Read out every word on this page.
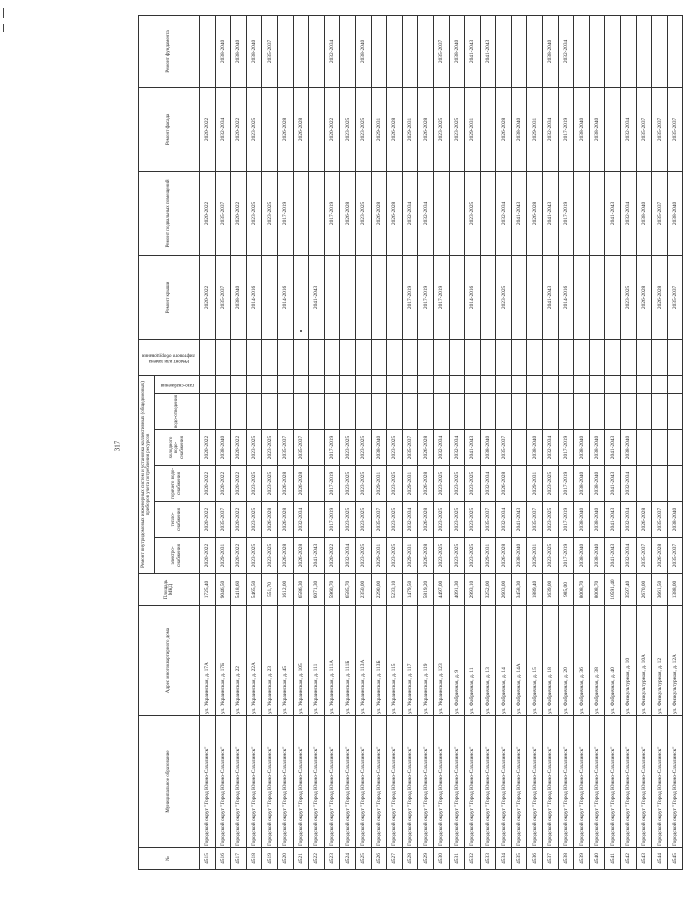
317
№	Муниципальное образование	Адрес многоквартирного дома	Площадь МКД	Ремонт внутридомовых инженерных систем и установка коллективных (общедомовых) приборов учета потребления ресурсов						Ремонт или замена лифтового оборудования	Ремонт крыши	Ремонт подвальных помещений	Ремонт фасада	Ремонт фундамента
				электро-снабжения	тепло-снабжения	горячего водо-снабжения	холодного водо-снабжения	водо-отведения	газо-снабжения					

4515	Городской округ "Город Южно-Сахалинск"	ул. Украинская, д. 17А	1725,40	2020-2022	2020-2022	2020-2022	2020-2022				2020-2022	2020-2022	2020-2022	
4516	Городской округ "Город Южно-Сахалинск"	ул. Украинская, д. 17Б	9046,50	2029-2031	2035-2037	2020-2022	2038-2040				2035-2037	2035-2037	2032-2034	2038-2040
4517	Городской округ "Город Южно-Сахалинск"	ул. Украинская, д. 22	5418,60	2020-2022	2020-2022	2020-2022	2020-2022				2038-2040	2020-2022	2020-2022	2038-2040
4518	Городской округ "Город Южно-Сахалинск"	ул. Украинская, д. 22А	5465,50	2023-2025	2023-2025	2023-2025	2023-2025				2014-2016	2023-2025	2023-2025	2038-2040
4519	Городской округ "Город Южно-Сахалинск"	ул. Украинская, д. 23	551,70	2023-2025	2026-2028	2023-2025	2023-2025					2023-2025		2035-2037
4520	Городской округ "Город Южно-Сахалинск"	ул. Украинская, д. 45	1612,00	2026-2028	2026-2028	2026-2028	2035-2037				2014-2016	2017-2019	2026-2028	
4521	Городской округ "Город Южно-Сахалинск"	ул. Украинская, д. 105	6586,30	2026-2028	2032-2034	2026-2028	2035-2037						2026-2028	
4522	Городской округ "Город Южно-Сахалинск"	ул. Украинская, д. 111	6071,30	2041-2043							2041-2043			
4523	Городской округ "Город Южно-Сахалинск"	ул. Украинская, д. 111А	5960,70	2020-2022	2017-2019	2017-2019	2017-2019					2017-2019	2020-2022	2032-2034
4524	Городской округ "Город Южно-Сахалинск"	ул. Украинская, д. 111Б	6585,70	2032-2034	2023-2025	2023-2025	2023-2025					2026-2028	2023-2025	
4525	Городской округ "Город Южно-Сахалинск"	ул. Украинская, д. 113А	2350,00	2023-2025	2023-2025	2023-2025	2023-2025					2023-2025	2023-2025	2038-2040
4526	Городской округ "Город Южно-Сахалинск"	ул. Украинская, д. 113Б	2290,00	2029-2031	2035-2037	2029-2031	2038-2040					2026-2028	2029-2031	
4527	Городской округ "Город Южно-Сахалинск"	ул. Украинская, д. 115	5233,10	2023-2025	2023-2025	2023-2025	2023-2025					2026-2028	2026-2028	
4528	Городской округ "Город Южно-Сахалинск"	ул. Украинская, д. 117	1479,50	2029-2031	2032-2034	2029-2031	2035-2037				2017-2019	2032-2034	2029-2031	
4529	Городской округ "Город Южно-Сахалинск"	ул. Украинская, д. 119	5819,20	2026-2028	2026-2028	2026-2028	2026-2028				2017-2019	2032-2034	2026-2028	
4530	Городской округ "Город Южно-Сахалинск"	ул. Украинская, д. 123	4497,00	2023-2025	2023-2025	2023-2025	2032-2034				2017-2019		2023-2025	2035-2037
4531	Городской округ "Город Южно-Сахалинск"	ул. Фабричная, д. 9	4091,30	2023-2025	2023-2025	2023-2025	2032-2034						2023-2025	2038-2040
4532	Городской округ "Город Южно-Сахалинск"	ул. Фабричная, д. 11	2993,10	2023-2025	2023-2025	2023-2025	2041-2043				2014-2016	2023-2025	2029-2031	2041-2043
4533	Городской округ "Город Южно-Сахалинск"	ул. Фабричная, д. 13	3252,00	2029-2031	2035-2037	2032-2034	2038-2040							2041-2043
4534	Городской округ "Город Южно-Сахалинск"	ул. Фабричная, д. 14	2603,00	2026-2028	2032-2034	2026-2028	2035-2037				2023-2025	2032-2034	2026-2028	
4535	Городской округ "Город Южно-Сахалинск"	ул. Фабричная, д. 14А	3458,30	2038-2040	2041-2043							2041-2043	2038-2040	
4536	Городской округ "Город Южно-Сахалинск"	ул. Фабричная, д. 15	1889,40	2029-2031	2035-2037	2029-2031	2038-2040					2026-2028	2029-2031	
4537	Городской округ "Город Южно-Сахалинск"	ул. Фабричная, д. 18	1639,00	2023-2025	2023-2025	2023-2025	2032-2034				2041-2043	2041-2043	2032-2034	2038-2040
4538	Городской округ "Город Южно-Сахалинск"	ул. Фабричная, д. 20	985,00	2017-2019	2017-2019	2017-2019	2017-2019				2014-2016	2017-2019	2017-2019	2032-2034
4539	Городской округ "Город Южно-Сахалинск"	ул. Фабричная, д. 36	8008,70	2038-2040	2038-2040	2038-2040	2038-2040						2038-2040	
4540	Городской округ "Город Южно-Сахалинск"	ул. Фабричная, д. 38	8008,70	2038-2040	2038-2040	2038-2040	2038-2040						2038-2040	
4541	Городской округ "Город Южно-Сахалинск"	ул. Фабричная, д. 40	10591,40	2041-2043	2041-2043	2041-2043	2041-2043					2041-2043		
4542	Городской округ "Город Южно-Сахалинск"	ул. Физкультурная, д. 10	3597,40	2032-2034	2032-2034	2032-2034	2038-2040				2023-2025	2032-2034	2032-2034	
4543	Городской округ "Город Южно-Сахалинск"	ул. Физкультурная, д. 10А	2670,00	2035-2037	2026-2028						2026-2028	2038-2040	2035-2037	
4544	Городской округ "Город Южно-Сахалинск"	ул. Физкультурная, д. 12	3661,50	2026-2028	2035-2037						2026-2028	2035-2037	2035-2037	
4545	Городской округ "Город Южно-Сахалинск"	ул. Физкультурная, д. 12А	1388,00	2035-2037	2038-2040						2035-2037	2038-2040	2035-2037	
